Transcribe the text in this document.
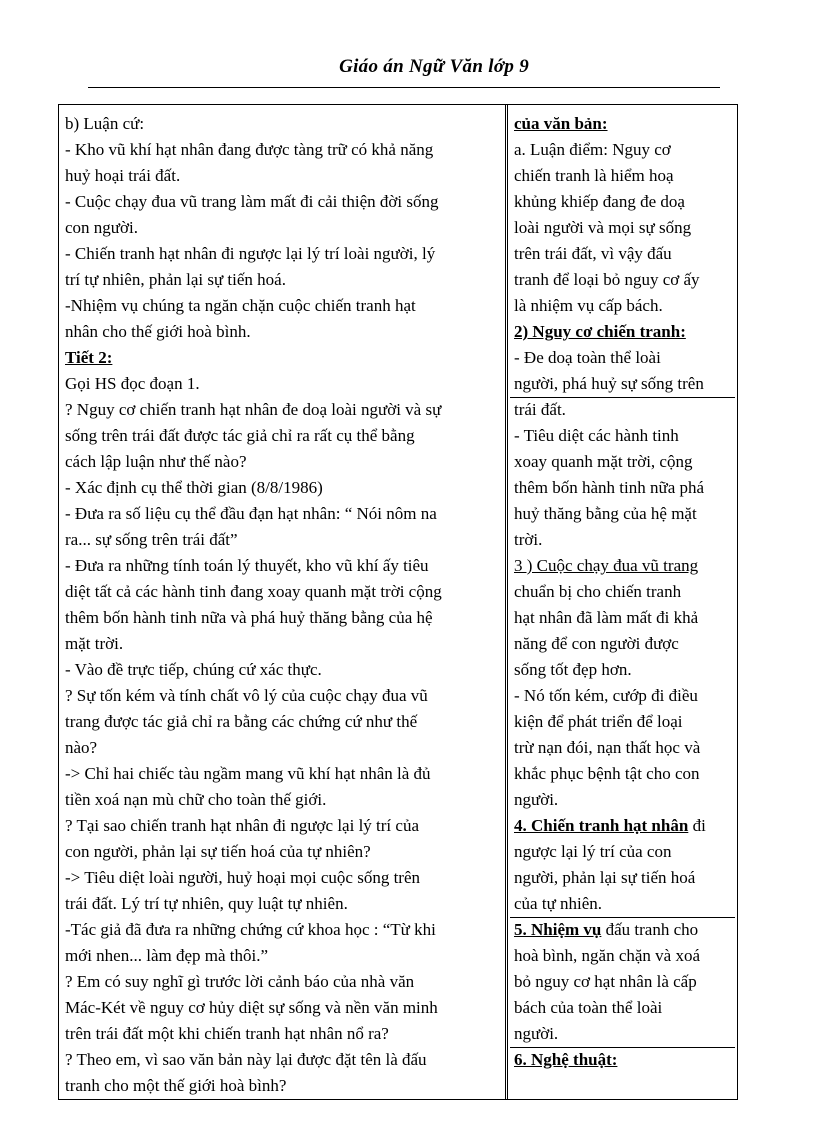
Giáo án Ngữ Văn lớp 9
b) Luận cứ:
- Kho vũ khí hạt nhân đang được tàng trữ có khả năng
huỷ hoại trái đất.
- Cuộc chạy đua vũ trang làm mất đi cải thiện đời sống
con người.
- Chiến tranh hạt nhân đi ngược lại lý trí loài người, lý
trí tự nhiên, phản lại sự tiến hoá.
-Nhiệm vụ chúng ta ngăn chặn cuộc chiến tranh hạt
nhân cho thế giới hoà bình.
Tiết 2:
Gọi HS đọc đoạn 1.
? Nguy cơ chiến tranh hạt nhân đe doạ loài người và sự
sống trên trái đất được tác giả chỉ ra rất cụ thể bằng
cách lập luận như thế nào?
- Xác định cụ thể thời gian (8/8/1986)
- Đưa ra số liệu cụ thể đầu đạn hạt nhân: “ Nói nôm na
ra... sự sống trên trái đất”
- Đưa ra những tính toán lý thuyết, kho vũ khí ấy tiêu
diệt tất cả các hành tinh đang xoay quanh mặt trời cộng
thêm bốn hành tinh nữa và phá huỷ thăng bằng của hệ
mặt trời.
- Vào đề trực tiếp, chúng cứ xác thực.
? Sự tốn kém và tính chất vô lý của cuộc chạy đua vũ
trang được tác giả chỉ ra bằng các chứng cứ như thế
nào?
-> Chỉ hai chiếc tàu ngầm mang vũ khí hạt nhân là đủ
tiền xoá nạn mù chữ cho toàn thế giới.
? Tại sao chiến tranh hạt nhân đi ngược lại lý trí của
con người, phản lại sự tiến hoá của tự nhiên?
-> Tiêu diệt loài người, huỷ hoại mọi cuộc sống trên
trái đất. Lý trí tự nhiên, quy luật tự nhiên.
-Tác giả đã đưa ra những chứng cứ khoa học : “Từ khi
mới nhen... làm đẹp mà thôi.”
? Em có suy nghĩ gì trước lời cảnh báo của nhà văn
Mác-Két về nguy cơ hủy diệt sự sống và nền văn minh
trên trái đất một khi chiến tranh hạt nhân nổ ra?
? Theo em, vì sao văn bản này lại được đặt tên là đấu
tranh cho một thế giới hoà bình?
của văn bản:
a. Luận điểm: Nguy cơ
chiến tranh là hiểm hoạ
khủng khiếp đang đe doạ
loài người và mọi sự sống
trên trái đất, vì vậy đấu
tranh để loại bỏ nguy cơ ấy
là nhiệm vụ cấp bách.
2) Nguy cơ chiến tranh:
- Đe doạ toàn thể loài
người, phá huỷ sự sống trên
trái đất.
- Tiêu diệt các hành tinh
xoay quanh mặt trời, cộng
thêm bốn hành tinh nữa phá
huỷ thăng bằng của hệ mặt
trời.
3 ) Cuộc chạy đua vũ trang
chuẩn bị cho chiến tranh
hạt nhân đã làm mất đi khả
năng để con người được
sống tốt đẹp hơn.
- Nó tốn kém, cướp đi điều
kiện để phát triển để loại
trừ nạn đói, nạn thất học và
khắc phục bệnh tật cho con
người.
4. Chiến tranh hạt nhân đi
ngược lại lý trí của con
người, phản lại sự tiến hoá
của tự nhiên.
5. Nhiệm vụ đấu tranh cho
hoà bình, ngăn chặn và xoá
bỏ nguy cơ hạt nhân là cấp
bách của toàn thể loài
người.
6. Nghệ thuật:
